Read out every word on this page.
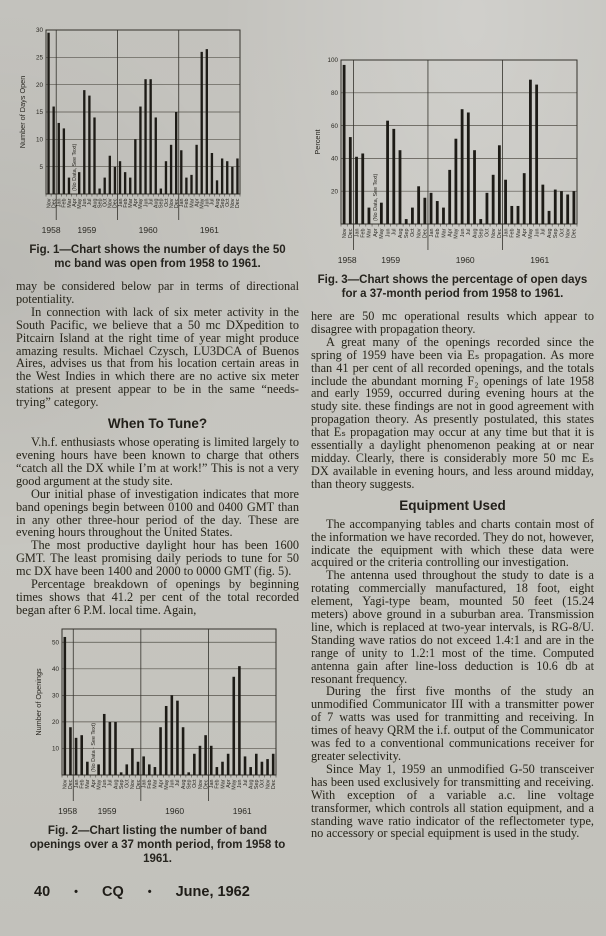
5
10
15
20
25
30
Nov Dec Jan Feb Mar Apr May Jun Jul Aug Sep Oct Nov Dec Jan Feb Mar Apr May Jun Jul Aug Sep Oct Nov Dec Jan Feb Mar Apr May Jun Jul Aug Sep Oct Nov Dec
1958 1959	1960	1961
Number of Days Open
(No Data, See Text)
Fig. 1—Chart shows the number of days the 50 mc band was open from 1958 to 1961.

may be considered below par in terms of directional potentiality.

In connection with lack of six meter activity in the South Pacific, we believe that a 50 mc DXpedition to Pitcairn Island at the right time of year might produce amazing results. Michael Czysch, LU3DCA of Buenos Aires, advises us that from his location certain areas in the West Indies in which there are no active six meter stations at present appear to be in the same “needs-trying” category.

When To Tune?

V.h.f. enthusiasts whose operating is limited largely to evening hours have been known to charge that others “catch all the DX while I’m at work!” This is not a very good argument at the study site.

Our initial phase of investigation indicates that more band openings begin between 0100 and 0400 GMT than in any other three-hour period of the day. These are evening hours throughout the United States.

The most productive daylight hour has been 1600 GMT. The least promising daily periods to tune for 50 mc DX have been 1400 and 2000 to 0000 GMT (fig. 5).

Percentage breakdown of openings by beginning times shows that 41.2 per cent of the total recorded began after 6 P.M. local time. Again,

10
20
30
40
50
Nov Dec Jan Feb Mar Apr May Jun Jul Aug Sep Oct Nov Dec Jan Feb Mar Apr May Jun Jul Aug Sep Oct Nov Dec Jan Feb Mar Apr May Jun Jul Aug Sep Oct Nov Dec
1958 1959	1960	1961
Number of Openings
(No Data - See Text)
Fig. 2—Chart listing the number of band openings over a 37 month period, from 1958 to 1961.
40 • CQ • June, 1962
20
40
60
80
100
Nov Dec Jan Feb Mar Apr May Jun Jul Aug Sep Oct Nov Dec Jan Feb Mar Apr May Jun Jul Aug Sep Oct Nov Dec Jan Feb Mar Apr May Jun Jul Aug Sep Oct Nov Dec
1958	1959	1960	1961
Percent
(No Data, See Text)
Fig. 3—Chart shows the percentage of open days for a 37-month period from 1958 to 1961.

here are 50 mc operational results which appear to disagree with propagation theory.

A great many of the openings recorded since the spring of 1959 have been via Eₛ propagation. As more than 41 per cent of all recorded openings, and the totals include the abundant morning F₂ openings of late 1958 and early 1959, occurred during evening hours at the study site. these findings are not in good agreement with propagation theory. As presently postulated, this states that Eₛ propagation may occur at any time but that it is essentially a daylight phenomenon peaking at or near midday. Clearly, there is considerably more 50 mc Eₛ DX available in evening hours, and less around midday, than theory suggests.

Equipment Used

The accompanying tables and charts contain most of the information we have recorded. They do not, however, indicate the equipment with which these data were acquired or the criteria controlling our investigation.

The antenna used throughout the study to date is a rotating commercially manufactured, 18 foot, eight element, Yagi-type beam, mounted 50 feet (15.24 meters) above ground in a suburban area. Transmission line, which is replaced at two-year intervals, is RG-8/U. Standing wave ratios do not exceed 1.4:1 and are in the range of unity to 1.2:1 most of the time. Computed antenna gain after line-loss deduction is 10.6 db at resonant frequency.

During the first five months of the study an unmodified Communicator III with a transmitter power of 7 watts was used for tranmitting and receiving. In times of heavy QRM the i.f. output of the Communicator was fed to a conventional communications receiver for greater selectivity.

Since May 1, 1959 an unmodified G-50 transceiver has been used exclusively for transmitting and receiving. With exception of a variable a.c. line voltage transformer, which controls all station equipment, and a standing wave ratio indicator of the reflectometer type, no accessory or special equipment is used in the study.
